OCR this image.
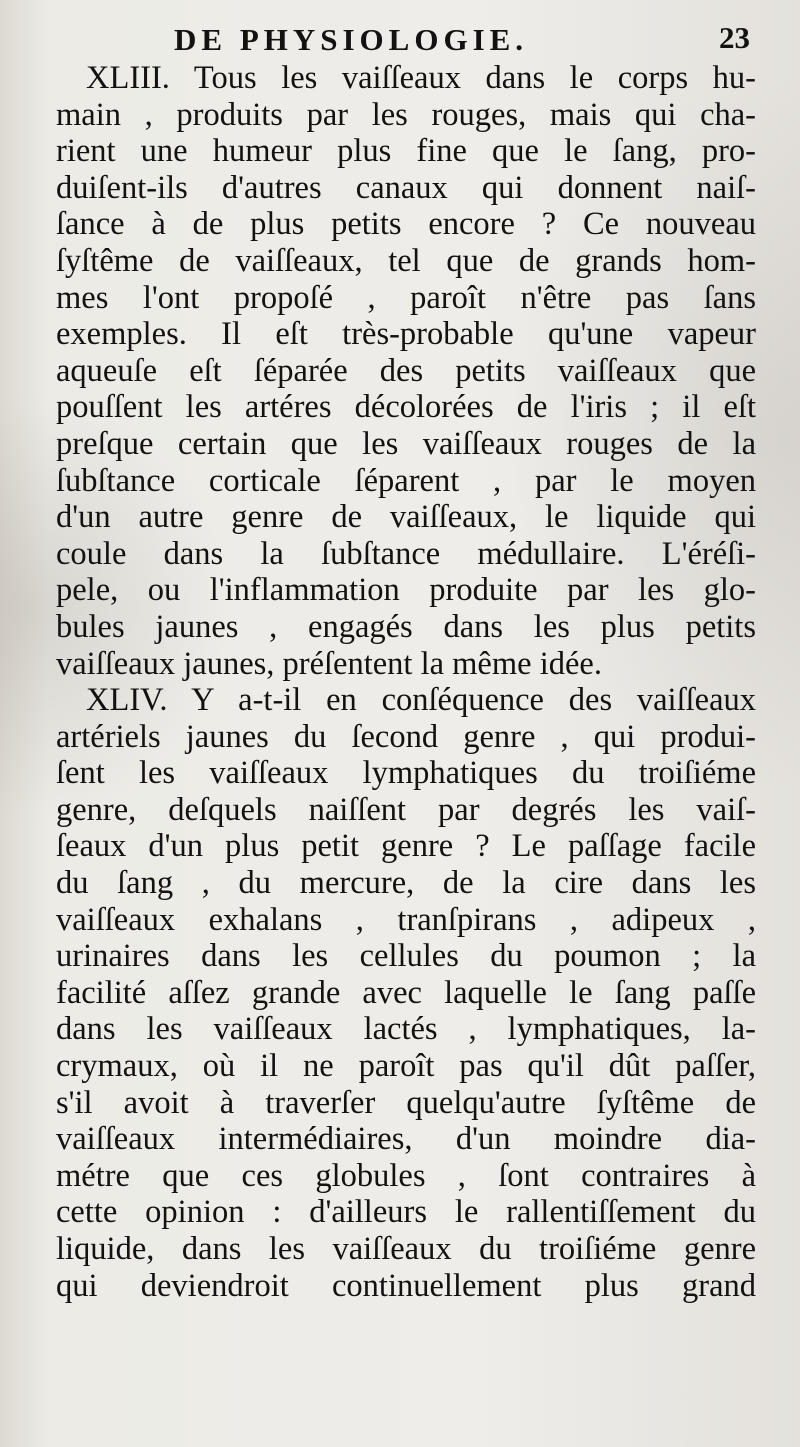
DE PHYSIOLOGIE.	23

XLIII. Tous les vaiſſeaux dans le corps hu-
main , produits par les rouges, mais qui cha-
rient une humeur plus fine que le ſang, pro-
duiſent-ils d'autres canaux qui donnent naiſ-
ſance à de plus petits encore ? Ce nouveau
ſyſtême de vaiſſeaux, tel que de grands hom-
mes l'ont propoſé , paroît n'être pas ſans
exemples. Il eſt très-probable qu'une vapeur
aqueuſe eſt ſéparée des petits vaiſſeaux que
pouſſent les artéres décolorées de l'iris ; il eſt
preſque certain que les vaiſſeaux rouges de la
ſubſtance corticale ſéparent , par le moyen
d'un autre genre de vaiſſeaux, le liquide qui
coule dans la ſubſtance médullaire. L'éréſi-
pele, ou l'inflammation produite par les glo-
bules jaunes , engagés dans les plus petits
vaiſſeaux jaunes, préſentent la même idée.

XLIV. Y a-t-il en conſéquence des vaiſſeaux
artériels jaunes du ſecond genre , qui produi-
ſent les vaiſſeaux lymphatiques du troiſiéme
genre, deſquels naiſſent par degrés les vaiſ-
ſeaux d'un plus petit genre ? Le paſſage facile
du ſang , du mercure, de la cire dans les
vaiſſeaux exhalans , tranſpirans , adipeux ,
urinaires dans les cellules du poumon ; la
facilité aſſez grande avec laquelle le ſang paſſe
dans les vaiſſeaux lactés , lymphatiques, la-
crymaux, où il ne paroît pas qu'il dût paſſer,
s'il avoit à traverſer quelqu'autre ſyſtême de
vaiſſeaux intermédiaires, d'un moindre dia-
métre que ces globules , ſont contraires à
cette opinion : d'ailleurs le rallentiſſement du
liquide, dans les vaiſſeaux du troiſiéme genre
qui deviendroit continuellement plus grand
